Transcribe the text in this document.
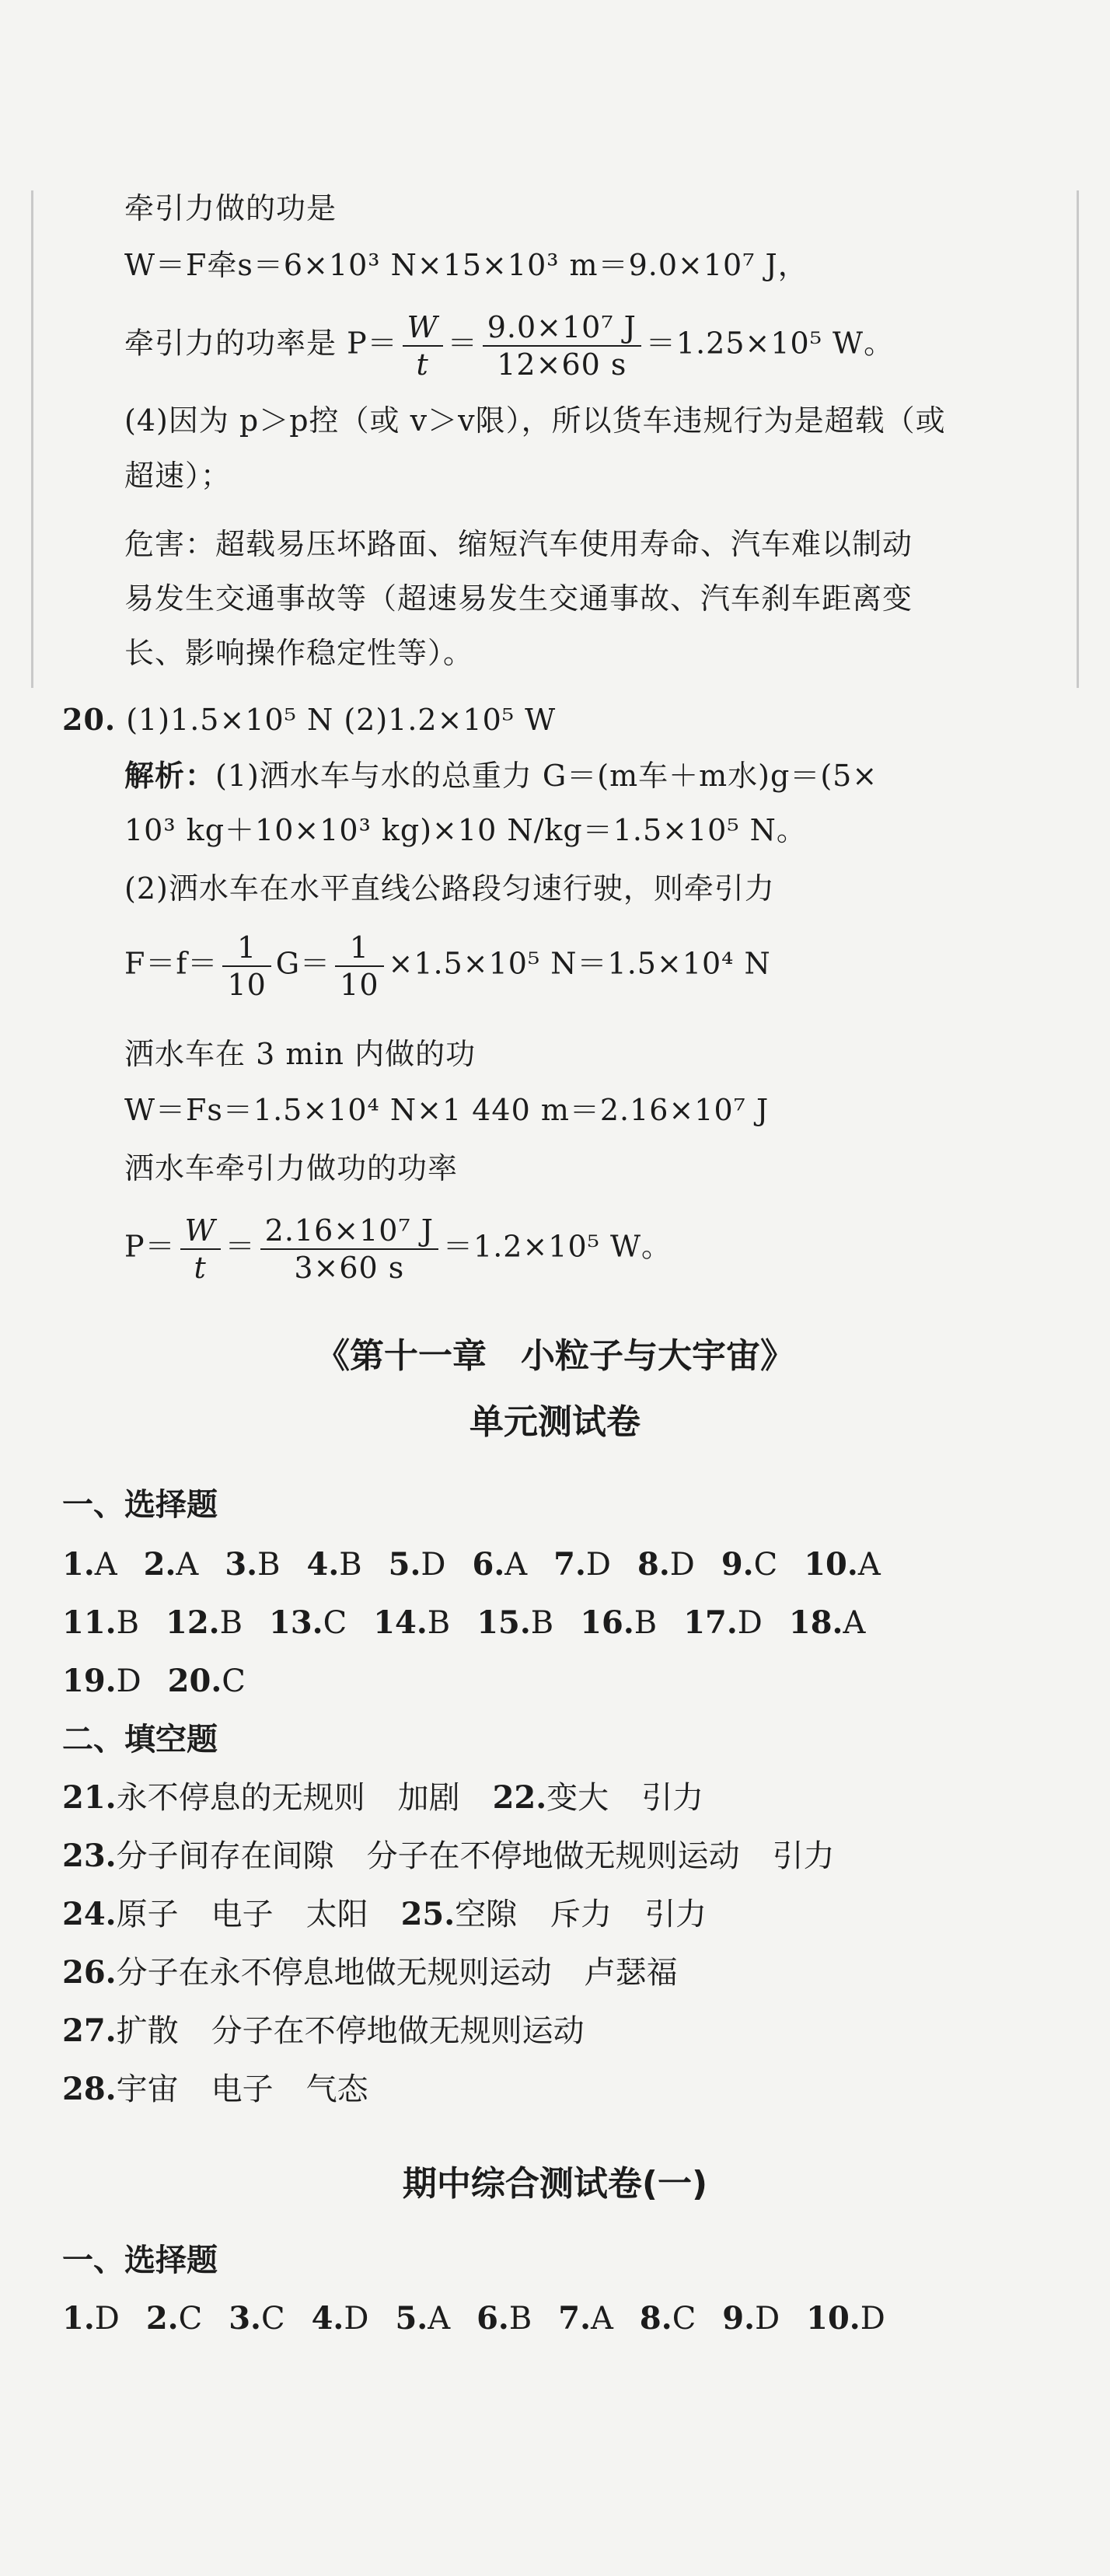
牵引力做的功是
W＝F牵s＝6×10³ N×15×10³ m＝9.0×10⁷ J，
牵引力的功率是 $P= \frac{W}{t} = \frac{\text{9.0×10⁷ J}}{12\times 60 s} =1.25\times 10^5$ W。
(4)因为 p＞p控（或 v＞v限），所以货车违规行为是超载（或
超速）；
危害：超载易压坏路面、缩短汽车使用寿命、汽车难以制动
易发生交通事故等（超速易发生交通事故、汽车刹车距离变
长、影响操作稳定性等）。
20. (1)1.5×10⁵ N (2)1.2×10⁵ W
解析：(1)洒水车与水的总重力 G＝(m车＋m水)g＝(5×
10³ kg＋10×10³ kg)×10 N/kg＝1.5×10⁵ N。
(2)洒水车在水平直线公路段匀速行驶，则牵引力
$F=f= \frac{1}{10} G= \frac{1}{10} \times 1.5\times 10^5$ N＝1.5×10⁴ N
洒水车在 3 min 内做的功
W＝Fs＝1.5×10⁴ N×1 440 m＝2.16×10⁷ J
洒水车牵引力做功的功率
$P= \frac{W}{t} = \frac{\text{2.16×10⁷ J}}{3\times 60 s} =1.2\times 10^5$ W。
《第十一章　小粒子与大宇宙》
单元测试卷
一、选择题
1.A 2.A 3.B 4.B 5.D 6.A 7.D 8.D 9.C 10.A
11.B 12.B 13.C 14.B 15.B 16.B 17.D 18.A
19.D 20.C
二、填空题
21.永不停息的无规则 加剧 22.变大 引力
23.分子间存在间隙 分子在不停地做无规则运动 引力
24.原子 电子 太阳 25.空隙 斥力 引力
26.分子在永不停息地做无规则运动 卢瑟福
27.扩散 分子在不停地做无规则运动
28.宇宙 电子 气态
期中综合测试卷(一)
一、选择题
1.D 2.C 3.C 4.D 5.A 6.B 7.A 8.C 9.D 10.D
